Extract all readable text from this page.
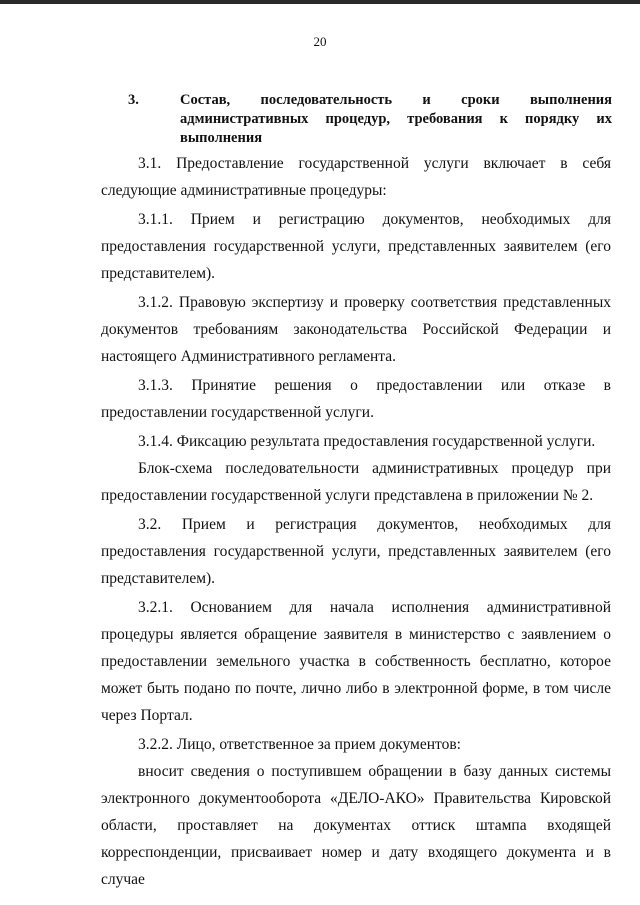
20
3.	Состав, последовательность и сроки выполнения административных процедур, требования к порядку их выполнения

3.1. Предоставление государственной услуги включает в себя следующие административные процедуры:

3.1.1. Прием и регистрацию документов, необходимых для предоставления государственной услуги, представленных заявителем (его представителем).

3.1.2. Правовую экспертизу и проверку соответствия представленных документов требованиям законодательства Российской Федерации и настоящего Административного регламента.

3.1.3. Принятие решения о предоставлении или отказе в предоставлении государственной услуги.

3.1.4. Фиксацию результата предоставления государственной услуги.

Блок-схема последовательности административных процедур при предоставлении государственной услуги представлена в приложении № 2.

3.2. Прием и регистрация документов, необходимых для предоставления государственной услуги, представленных заявителем (его представителем).

3.2.1. Основанием для начала исполнения административной процедуры является обращение заявителя в министерство с заявлением о предоставлении земельного участка в собственность бесплатно, которое может быть подано по почте, лично либо в электронной форме, в том числе через Портал.

3.2.2. Лицо, ответственное за прием документов:

вносит сведения о поступившем обращении в базу данных системы электронного документооборота «ДЕЛО-АКО» Правительства Кировской области, проставляет на документах оттиск штампа входящей корреспонденции, присваивает номер и дату входящего документа и в случае
